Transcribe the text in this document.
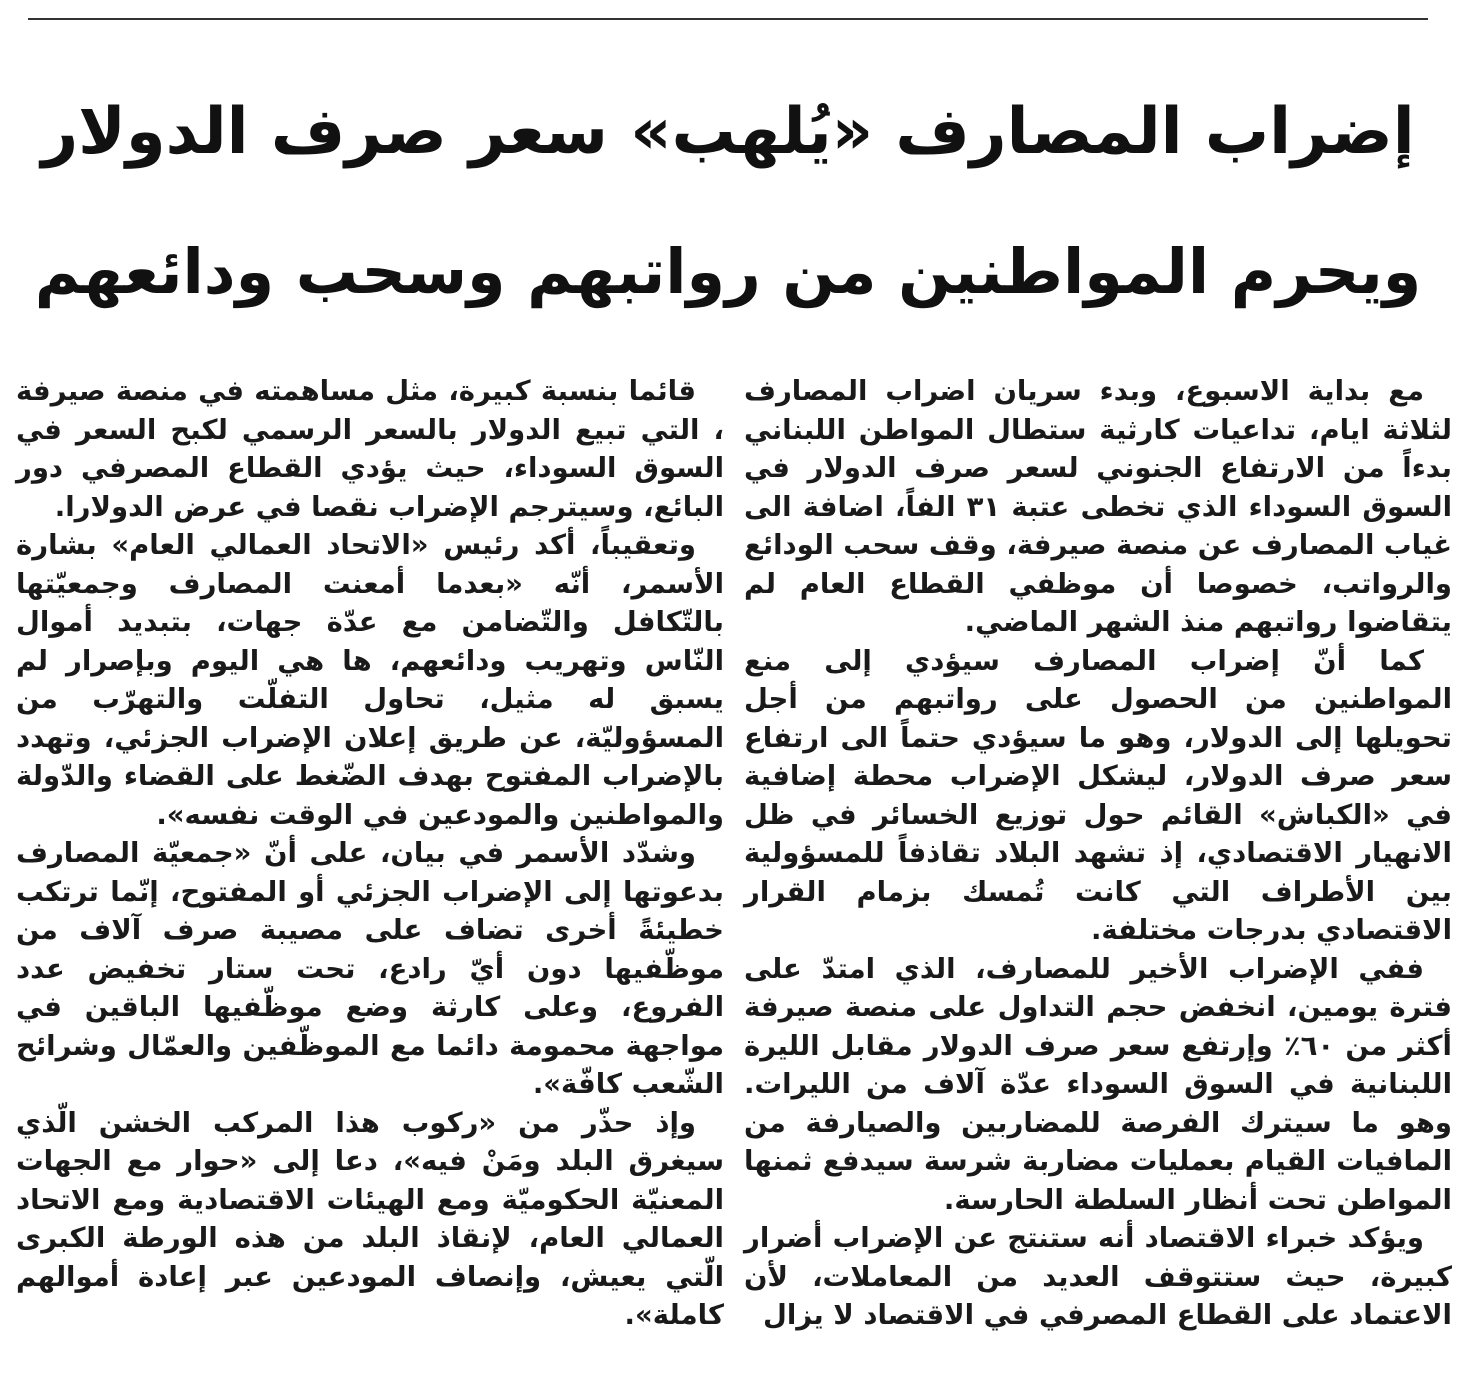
إضراب المصارف «يُلهب» سعر صرف الدولار
ويحرم المواطنين من رواتبهم وسحب ودائعهم

مع بداية الاسبوع، وبدء سريان اضراب المصارف لثلاثة ايام، تداعيات كارثية ستطال المواطن اللبناني بدءاً من الارتفاع الجنوني لسعر صرف الدولار في السوق السوداء الذي تخطى عتبة ٣١ الفاً، اضافة الى غياب المصارف عن منصة صيرفة، وقف سحب الودائع والرواتب، خصوصا أن موظفي القطاع العام لم يتقاضوا رواتبهم منذ الشهر الماضي.

كما أنّ إضراب المصارف سيؤدي إلى منع المواطنين من الحصول على رواتبهم من أجل تحويلها إلى الدولار، وهو ما سيؤدي حتماً الى ارتفاع سعر صرف الدولار، ليشكل الإضراب محطة إضافية في «الكباش» القائم حول توزيع الخسائر في ظل الانهيار الاقتصادي، إذ تشهد البلاد تقاذفاً للمسؤولية بين الأطراف التي كانت تُمسك بزمام القرار الاقتصادي بدرجات مختلفة.

ففي الإضراب الأخير للمصارف، الذي امتدّ على فترة يومين، انخفض حجم التداول على منصة صيرفة أكثر من ٦٠٪ وإرتفع سعر صرف الدولار مقابل الليرة اللبنانية في السوق السوداء عدّة آلاف من الليرات. وهو ما سيترك الفرصة للمضاربين والصيارفة من المافيات القيام بعمليات مضاربة شرسة سيدفع ثمنها المواطن تحت أنظار السلطة الحارسة.

ويؤكد خبراء الاقتصاد أنه ستنتج عن الإضراب أضرار كبيرة، حيث ستتوقف العديد من المعاملات، لأن الاعتماد على القطاع المصرفي في الاقتصاد لا يزال

قائما بنسبة كبيرة، مثل مساهمته في منصة صيرفة ، التي تبيع الدولار بالسعر الرسمي لكبح السعر في السوق السوداء، حيث يؤدي القطاع المصرفي دور البائع، وسيترجم الإضراب نقصا في عرض الدولارا.

وتعقيباً، أكد رئيس «الاتحاد العمالي العام» بشارة الأسمر، أنّه «بعدما أمعنت المصارف وجمعيّتها بالتّكافل والتّضامن مع عدّة جهات، بتبديد أموال النّاس وتهريب ودائعهم، ها هي اليوم وبإصرار لم يسبق له مثيل، تحاول التفلّت والتهرّب من المسؤوليّة، عن طريق إعلان الإضراب الجزئي، وتهدد بالإضراب المفتوح بهدف الضّغط على القضاء والدّولة والمواطنين والمودعين في الوقت نفسه».

وشدّد الأسمر في بيان، على أنّ «جمعيّة المصارف بدعوتها إلى الإضراب الجزئي أو المفتوح، إنّما ترتكب خطيئةً أخرى تضاف على مصيبة صرف آلاف من موظّفيها دون أيّ رادع، تحت ستار تخفيض عدد الفروع، وعلى كارثة وضع موظّفيها الباقين في مواجهة محمومة دائما مع الموظّفين والعمّال وشرائح الشّعب كافّة».

وإذ حذّر من «ركوب هذا المركب الخشن الّذي سيغرق البلد ومَنْ فيه»، دعا إلى «حوار مع الجهات المعنيّة الحكوميّة ومع الهيئات الاقتصادية ومع الاتحاد العمالي العام، لإنقاذ البلد من هذه الورطة الكبرى الّتي يعيش، وإنصاف المودعين عبر إعادة أموالهم كاملة».
